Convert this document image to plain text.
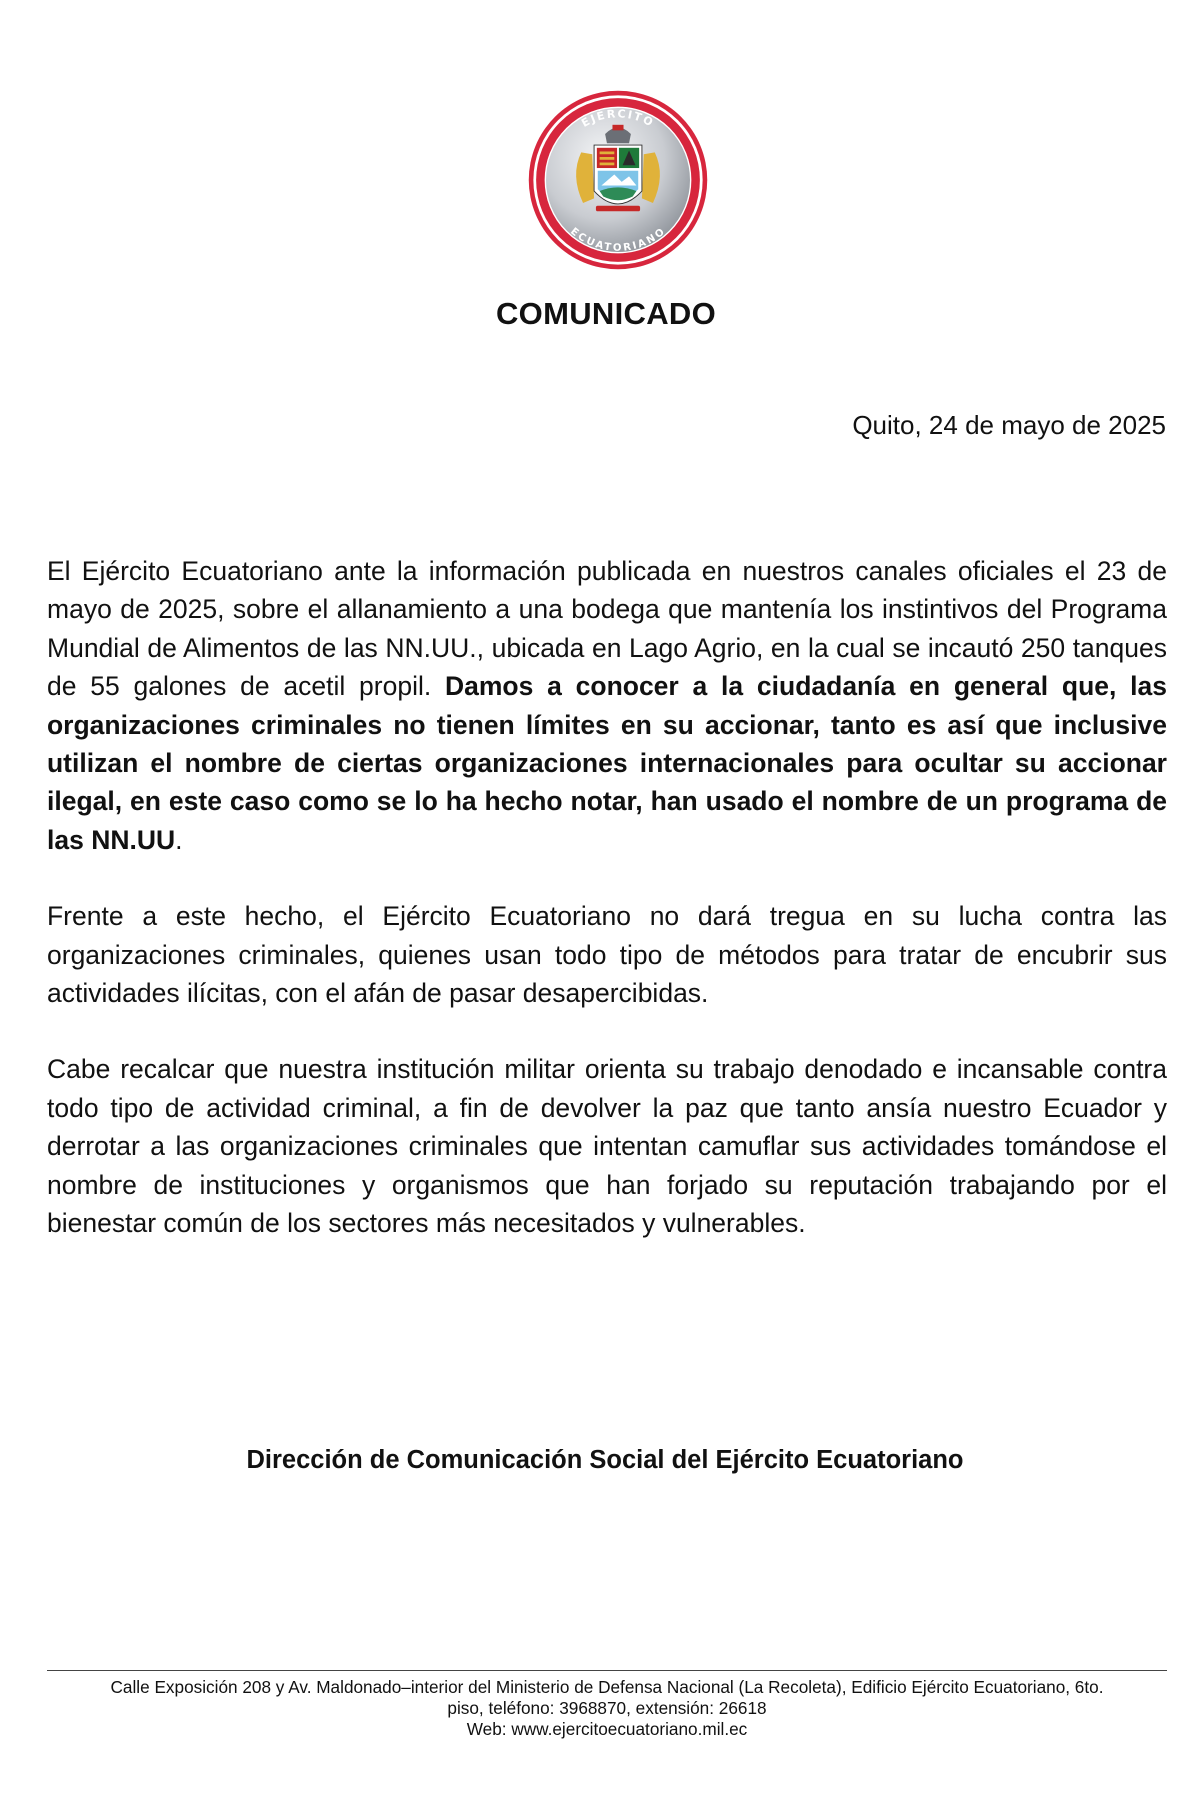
EJÉRCITO
ECUATORIANO
COMUNICADO
Quito, 24 de mayo de 2025

El Ejército Ecuatoriano ante la información publicada en nuestros canales oficiales el 23 de mayo de 2025, sobre el allanamiento a una bodega que mantenía los instintivos del Programa Mundial de Alimentos de las NN.UU., ubicada en Lago Agrio, en la cual se incautó 250 tanques de 55 galones de acetil propil. Damos a conocer a la ciudadanía en general que, las organizaciones criminales no tienen límites en su accionar, tanto es así que inclusive utilizan el nombre de ciertas organizaciones internacionales para ocultar su accionar ilegal, en este caso como se lo ha hecho notar, han usado el nombre de un programa de las NN.UU.

Frente a este hecho, el Ejército Ecuatoriano no dará tregua en su lucha contra las organizaciones criminales, quienes usan todo tipo de métodos para tratar de encubrir sus actividades ilícitas, con el afán de pasar desapercibidas.

Cabe recalcar que nuestra institución militar orienta su trabajo denodado e incansable contra todo tipo de actividad criminal, a fin de devolver la paz que tanto ansía nuestro Ecuador y derrotar a las organizaciones criminales que intentan camuflar sus actividades tomándose el nombre de instituciones y organismos que han forjado su reputación trabajando por el bienestar común de los sectores más necesitados y vulnerables.

Dirección de Comunicación Social del Ejército Ecuatoriano
Calle Exposición 208 y Av. Maldonado–interior del Ministerio de Defensa Nacional (La Recoleta), Edificio Ejército Ecuatoriano, 6to.
piso, teléfono: 3968870, extensión: 26618
Web: www.ejercitoecuatoriano.mil.ec
